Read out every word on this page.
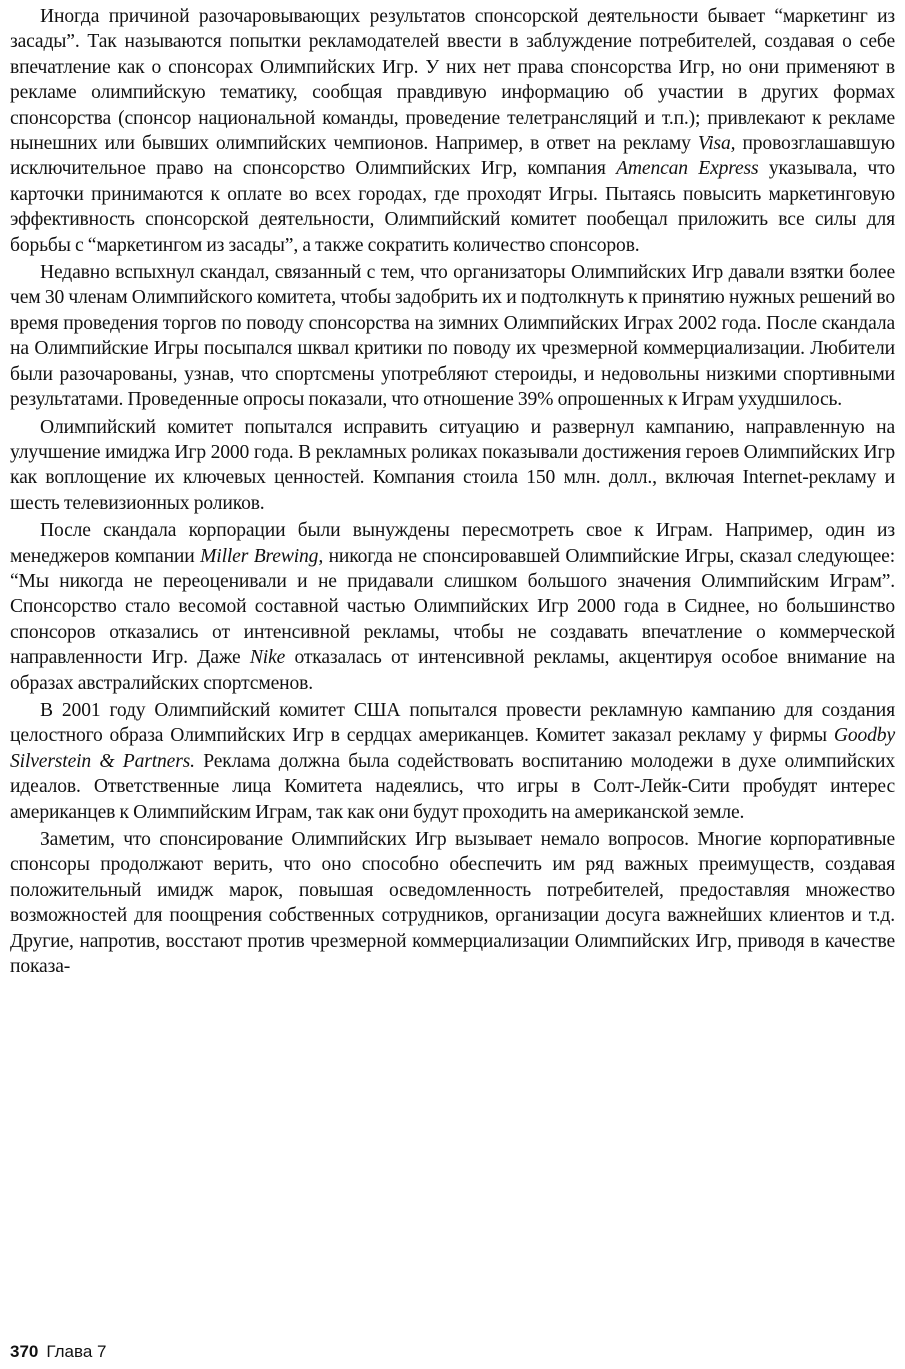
Иногда причиной разочаровывающих результатов спонсорской деятельности бывает “маркетинг из засады”. Так называются попытки рекламодателей ввести в заблуждение потребителей, создавая о себе впечатление как о спонсорах Олимпийских Игр. У них нет права спонсорства Игр, но они применяют в рекламе олимпийскую тематику, сообщая правдивую информацию об участии в других формах спонсорства (спонсор национальной команды, проведение телетрансляций и т.п.); привлекают к рекламе нынешних или бывших олимпийских чемпионов. Например, в ответ на рекламу Visa, провозглашавшую исключительное право на спонсорство Олимпийских Игр, компания Amencan Express указывала, что карточки принимаются к оплате во всех городах, где проходят Игры. Пытаясь повысить маркетинговую эффективность спонсорской деятельности, Олимпийский комитет пообещал приложить все силы для борьбы с “маркетингом из засады”, а также сократить количество спонсоров.

Недавно вспыхнул скандал, связанный с тем, что организаторы Олимпийских Игр давали взятки более чем 30 членам Олимпийского комитета, чтобы задобрить их и подтолкнуть к принятию нужных решений во время проведения торгов по поводу спонсорства на зимних Олимпийских Играх 2002 года. После скандала на Олимпийские Игры посыпался шквал критики по поводу их чрезмерной коммерциализации. Любители были разочарованы, узнав, что спортсмены употребляют стероиды, и недовольны низкими спортивными результатами. Проведенные опросы показали, что отношение 39% опрошенных к Играм ухудшилось.

Олимпийский комитет попытался исправить ситуацию и развернул кампанию, направленную на улучшение имиджа Игр 2000 года. В рекламных роликах показывали достижения героев Олимпийских Игр как воплощение их ключевых ценностей. Компания стоила 150 млн. долл., включая Internet-рекламу и шесть телевизионных роликов.

После скандала корпорации были вынуждены пересмотреть свое к Играм. Например, один из менеджеров компании Miller Brewing, никогда не спонсировавшей Олимпийские Игры, сказал следующее: “Мы никогда не переоценивали и не придавали слишком большого значения Олимпийским Играм”. Спонсорство стало весомой составной частью Олимпийских Игр 2000 года в Сиднее, но большинство спонсоров отказались от интенсивной рекламы, чтобы не создавать впечатление о коммерческой направленности Игр. Даже Nike отказалась от интенсивной рекламы, акцентируя особое внимание на образах австралийских спортсменов.

В 2001 году Олимпийский комитет США попытался провести рекламную кампанию для создания целостного образа Олимпийских Игр в сердцах американцев. Комитет заказал рекламу у фирмы Goodby Silverstein & Partners. Реклама должна была содействовать воспитанию молодежи в духе олимпийских идеалов. Ответственные лица Комитета надеялись, что игры в Солт-Лейк-Сити пробудят интерес американцев к Олимпийским Играм, так как они будут проходить на американской земле.

Заметим, что спонсирование Олимпийских Игр вызывает немало вопросов. Многие корпоративные спонсоры продолжают верить, что оно способно обеспечить им ряд важных преимуществ, создавая положительный имидж марок, повышая осведомленность потребителей, предоставляя множество возможностей для поощрения собственных сотрудников, организации досуга важнейших клиентов и т.д. Другие, напротив, восстают против чрезмерной коммерциализации Олимпийских Игр, приводя в качестве показа-

370 Глава 7
